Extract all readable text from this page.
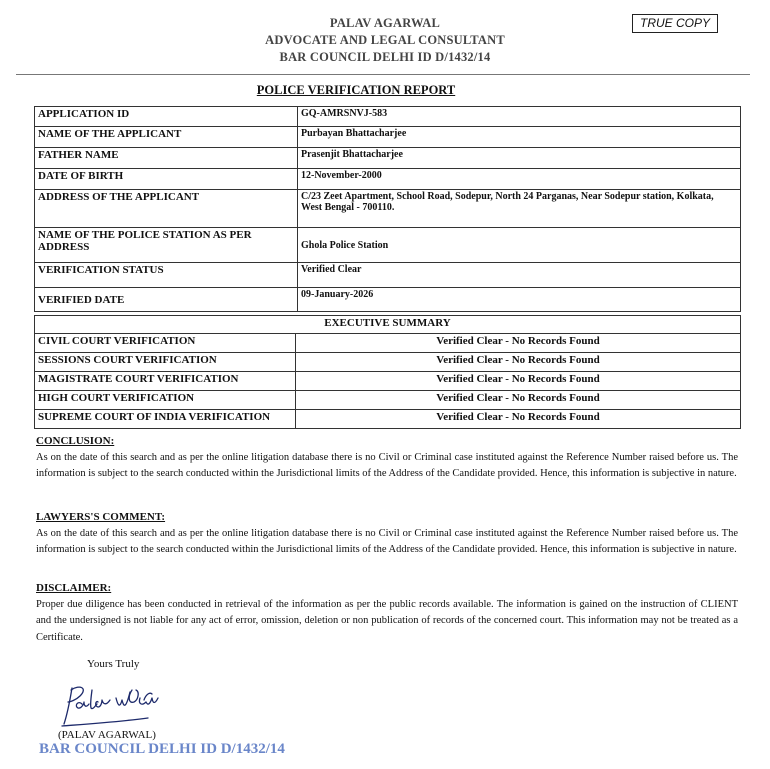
PALAV AGARWAL
ADVOCATE AND LEGAL CONSULTANT
BAR COUNCIL DELHI ID D/1432/14
TRUE COPY
POLICE VERIFICATION REPORT
APPLICATION ID	GQ-AMRSNVJ-583
NAME OF THE APPLICANT	Purbayan Bhattacharjee
FATHER NAME	Prasenjit Bhattacharjee
DATE OF BIRTH	12-November-2000
ADDRESS OF THE APPLICANT	C/23 Zeet Apartment, School Road, Sodepur, North 24 Parganas, Near Sodepur station, Kolkata, West Bengal - 700110.
NAME OF THE POLICE STATION AS PER ADDRESS	Ghola Police Station
VERIFICATION STATUS	Verified Clear
VERIFIED DATE	09-January-2026
EXECUTIVE SUMMARY	
CIVIL COURT VERIFICATION	Verified Clear - No Records Found
SESSIONS COURT VERIFICATION	Verified Clear - No Records Found
MAGISTRATE COURT VERIFICATION	Verified Clear - No Records Found
HIGH COURT VERIFICATION	Verified Clear - No Records Found
SUPREME COURT OF INDIA VERIFICATION	Verified Clear - No Records Found
CONCLUSION:

As on the date of this search and as per the online litigation database there is no Civil or Criminal case instituted against the Reference Number raised before us. The information is subject to the search conducted within the Jurisdictional limits of the Address of the Candidate provided. Hence, this information is subjective in nature.

LAWYERS'S COMMENT:

As on the date of this search and as per the online litigation database there is no Civil or Criminal case instituted against the Reference Number raised before us. The information is subject to the search conducted within the Jurisdictional limits of the Address of the Candidate provided. Hence, this information is subjective in nature.

DISCLAIMER:

Proper due diligence has been conducted in retrieval of the information as per the public records available. The information is gained on the instruction of CLIENT and the undersigned is not liable for any act of error, omission, deletion or non publication of records of the concerned court. This information may not be treated as a Certificate.

Yours Truly
(PALAV AGARWAL)
BAR COUNCIL DELHI ID D/1432/14
